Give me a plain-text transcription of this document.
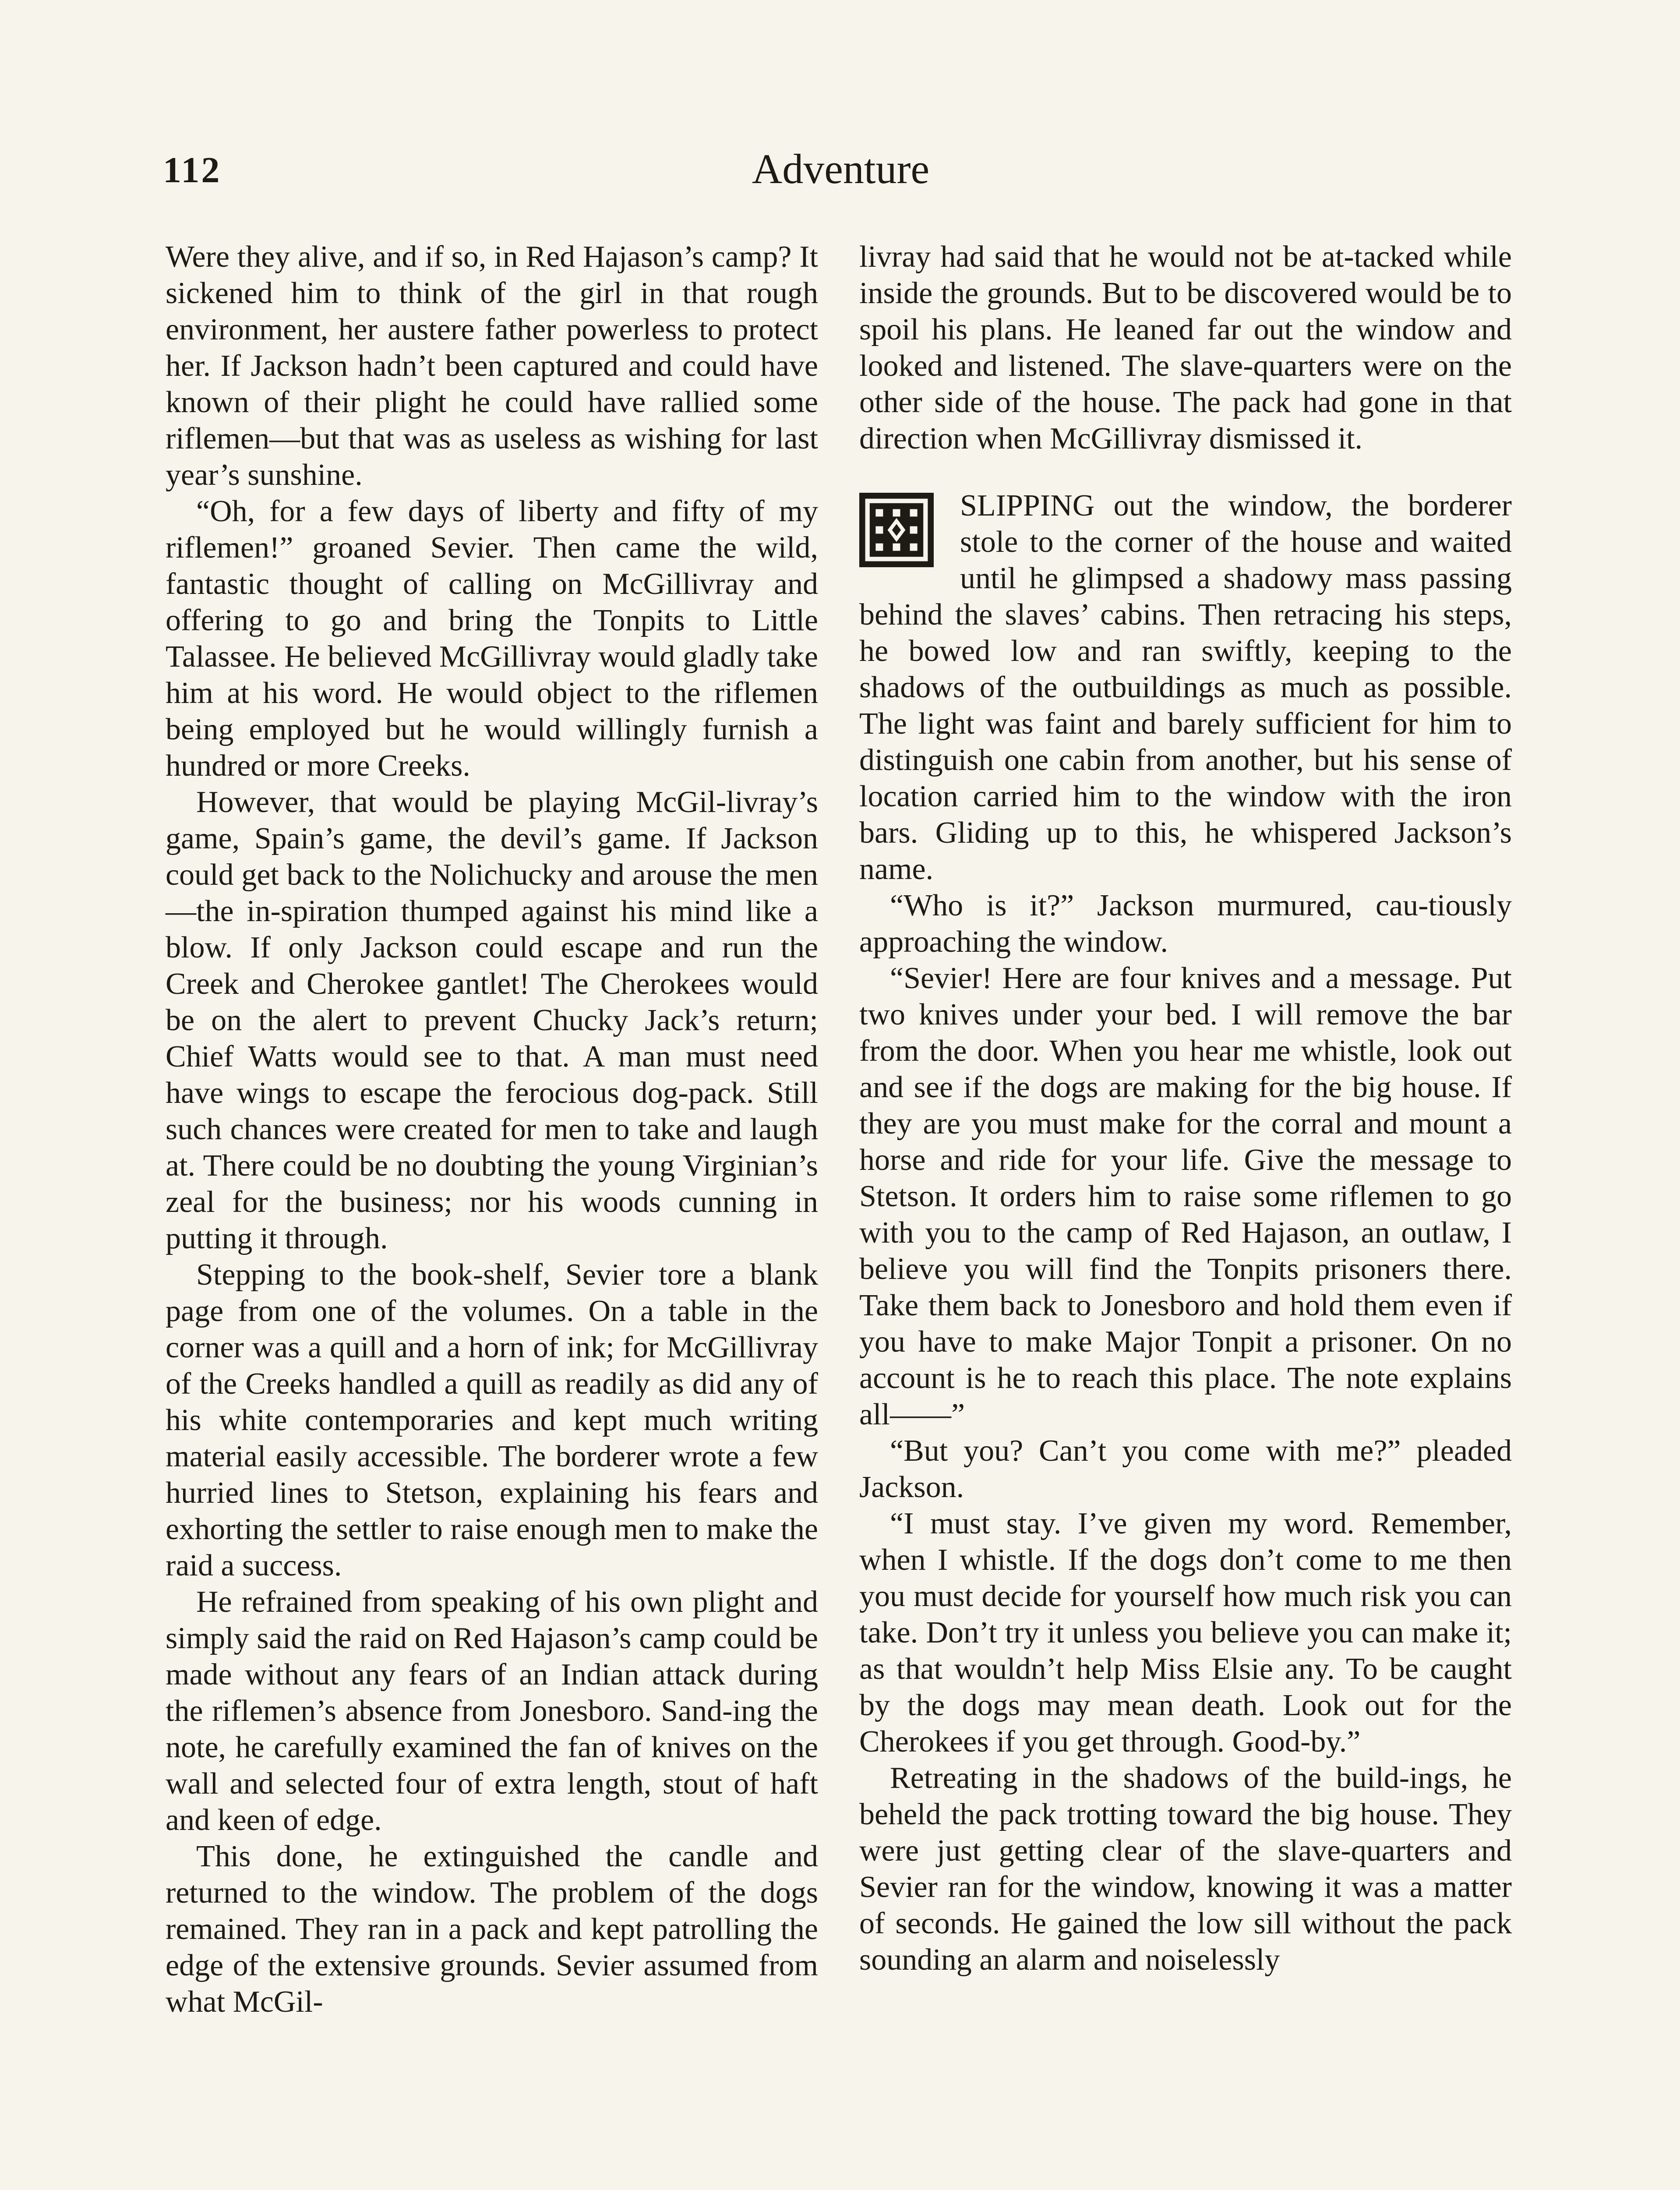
112	Adventure

Were they alive, and if so, in Red Hajason’s camp? It sickened him to think of the girl in that rough environment, her austere father powerless to protect her. If Jackson hadn’t been captured and could have known of their plight he could have rallied some riflemen—but that was as useless as wishing for last year’s sunshine.

“Oh, for a few days of liberty and fifty of my riflemen!” groaned Sevier. Then came the wild, fantastic thought of calling on McGillivray and offering to go and bring the Tonpits to Little Talassee. He believed McGillivray would gladly take him at his word. He would object to the riflemen being employed but he would willingly furnish a hundred or more Creeks.

However, that would be playing McGil-livray’s game, Spain’s game, the devil’s game. If Jackson could get back to the Nolichucky and arouse the men—the in-spiration thumped against his mind like a blow. If only Jackson could escape and run the Creek and Cherokee gantlet! The Cherokees would be on the alert to prevent Chucky Jack’s return; Chief Watts would see to that. A man must need have wings to escape the ferocious dog-pack. Still such chances were created for men to take and laugh at. There could be no doubting the young Virginian’s zeal for the business; nor his woods cunning in putting it through.

Stepping to the book-shelf, Sevier tore a blank page from one of the volumes. On a table in the corner was a quill and a horn of ink; for McGillivray of the Creeks handled a quill as readily as did any of his white contemporaries and kept much writing material easily accessible. The borderer wrote a few hurried lines to Stetson, explaining his fears and exhorting the settler to raise enough men to make the raid a success.

He refrained from speaking of his own plight and simply said the raid on Red Hajason’s camp could be made without any fears of an Indian attack during the riflemen’s absence from Jonesboro. Sand-ing the note, he carefully examined the fan of knives on the wall and selected four of extra length, stout of haft and keen of edge.

This done, he extinguished the candle and returned to the window. The problem of the dogs remained. They ran in a pack and kept patrolling the edge of the extensive grounds. Sevier assumed from what McGil-

livray had said that he would not be at-tacked while inside the grounds. But to be discovered would be to spoil his plans. He leaned far out the window and looked and listened. The slave-quarters were on the other side of the house. The pack had gone in that direction when McGillivray dismissed it.

SLIPPING out the window, the borderer stole to the corner of the house and waited until he glimpsed a shadowy mass passing behind the slaves’ cabins. Then retracing his steps, he bowed low and ran swiftly, keeping to the shadows of the outbuildings as much as possible. The light was faint and barely sufficient for him to distinguish one cabin from another, but his sense of location carried him to the window with the iron bars. Gliding up to this, he whispered Jackson’s name.

“Who is it?” Jackson murmured, cau-tiously approaching the window.

“Sevier! Here are four knives and a message. Put two knives under your bed. I will remove the bar from the door. When you hear me whistle, look out and see if the dogs are making for the big house. If they are you must make for the corral and mount a horse and ride for your life. Give the message to Stetson. It orders him to raise some riflemen to go with you to the camp of Red Hajason, an outlaw, I believe you will find the Tonpits prisoners there. Take them back to Jonesboro and hold them even if you have to make Major Tonpit a prisoner. On no account is he to reach this place. The note explains all——”

“But you? Can’t you come with me?” pleaded Jackson.

“I must stay. I’ve given my word. Remember, when I whistle. If the dogs don’t come to me then you must decide for yourself how much risk you can take. Don’t try it unless you believe you can make it; as that wouldn’t help Miss Elsie any. To be caught by the dogs may mean death. Look out for the Cherokees if you get through. Good-by.”

Retreating in the shadows of the build-ings, he beheld the pack trotting toward the big house. They were just getting clear of the slave-quarters and Sevier ran for the window, knowing it was a matter of seconds. He gained the low sill without the pack sounding an alarm and noiselessly
